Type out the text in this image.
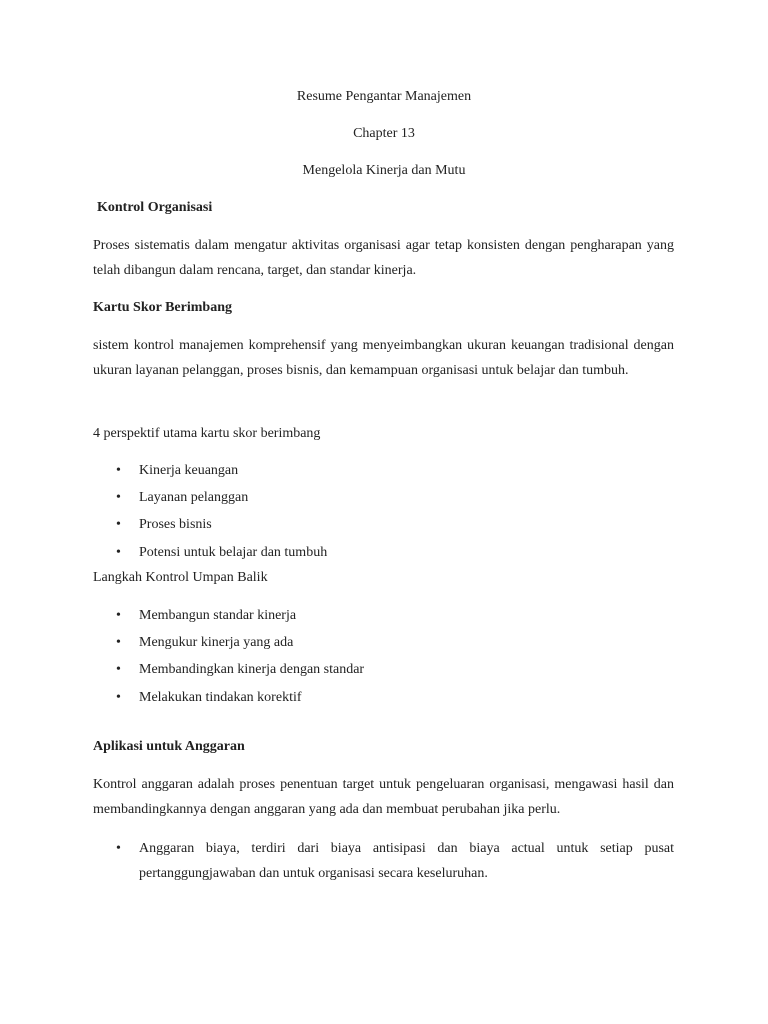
Resume Pengantar Manajemen
Chapter 13
Mengelola Kinerja dan Mutu
Kontrol Organisasi
Proses sistematis dalam mengatur aktivitas organisasi agar tetap konsisten dengan pengharapan yang telah dibangun dalam rencana, target, dan standar kinerja.
Kartu Skor Berimbang
sistem kontrol manajemen komprehensif yang menyeimbangkan ukuran keuangan tradisional dengan ukuran layanan pelanggan, proses bisnis, dan kemampuan organisasi untuk belajar dan tumbuh.
4 perspektif utama kartu skor berimbang
• Kinerja keuangan
• Layanan pelanggan
• Proses bisnis
• Potensi untuk belajar dan tumbuh
Langkah Kontrol Umpan Balik
• Membangun standar kinerja
• Mengukur kinerja yang ada
• Membandingkan kinerja dengan standar
• Melakukan tindakan korektif
Aplikasi untuk Anggaran
Kontrol anggaran adalah proses penentuan target untuk pengeluaran organisasi, mengawasi hasil dan membandingkannya dengan anggaran yang ada dan membuat perubahan jika perlu.
• Anggaran biaya, terdiri dari biaya antisipasi dan biaya actual untuk setiap pusat pertanggungjawaban dan untuk organisasi secara keseluruhan.
